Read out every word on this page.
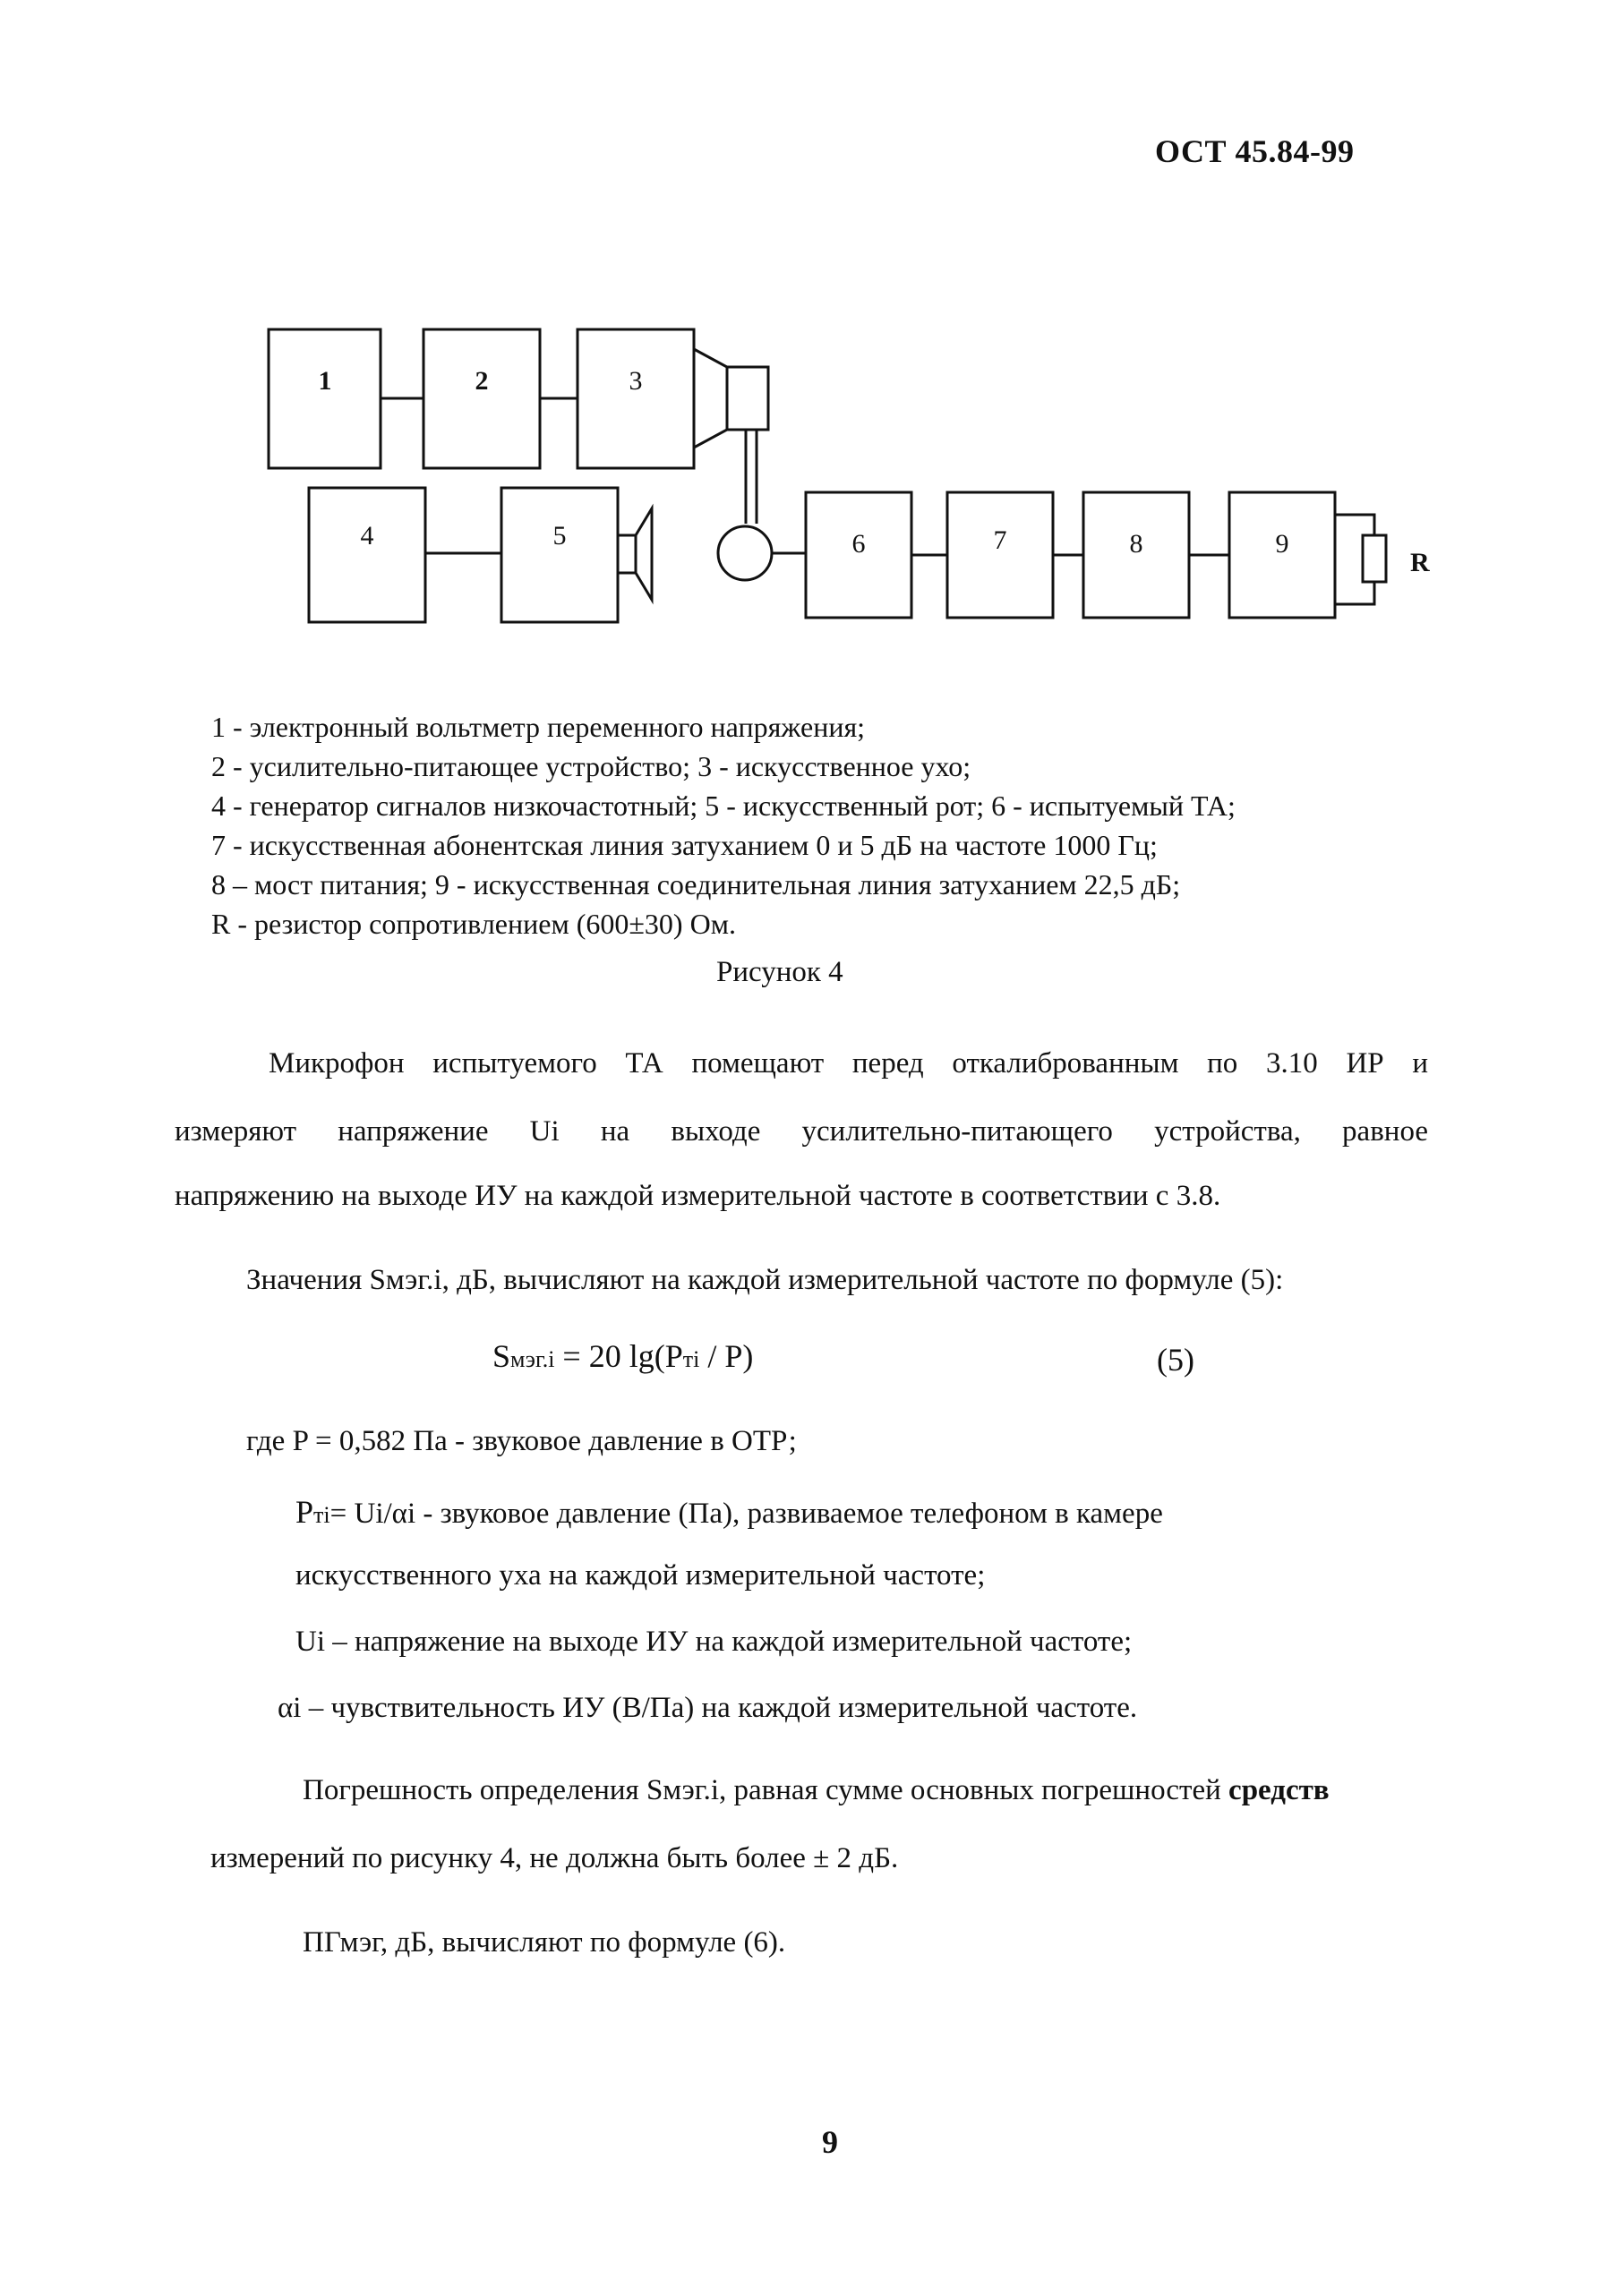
ОСТ 45.84-99
1	2	3
4	5	6	7	8	9
R
1 - электронный вольтметр переменного напряжения;
2 - усилительно-питающее устройство; 3 - искусственное ухо;
4 - генератор сигналов низкочастотный; 5 - искусственный рот; 6 - испытуемый ТА;
7 - искусственная абонентская линия затуханием 0 и 5 дБ на частоте 1000 Гц;
8 – мост питания; 9 - искусственная соединительная линия затуханием 22,5 дБ;
R - резистор сопротивлением (600±30) Ом.
Рисунок 4
Микрофон испытуемого ТА помещают перед откалиброванным по 3.10 ИР и
измеряют напряжение Ui на выходе усилительно-питающего устройства, равное
напряжению на выходе ИУ на каждой измерительной частоте в соответствии с 3.8.
Значения Sмэг.i, дБ, вычисляют на каждой измерительной частоте по формуле (5):
Sмэг.i = 20 lg(Pтi / P)	(5)
где P = 0,582 Па - звуковое давление в ОТР;
Pтi= Ui/αi - звуковое давление (Па), развиваемое телефоном в камере
искусственного уха на каждой измерительной частоте;
Ui – напряжение на выходе ИУ на каждой измерительной частоте;
αi – чувствительность ИУ (В/Па) на каждой измерительной частоте.
Погрешность определения Sмэг.i, равная сумме основных погрешностей средств
измерений по рисунку 4, не должна быть более ± 2 дБ.
ПГмэг, дБ, вычисляют по формуле (6).
9
